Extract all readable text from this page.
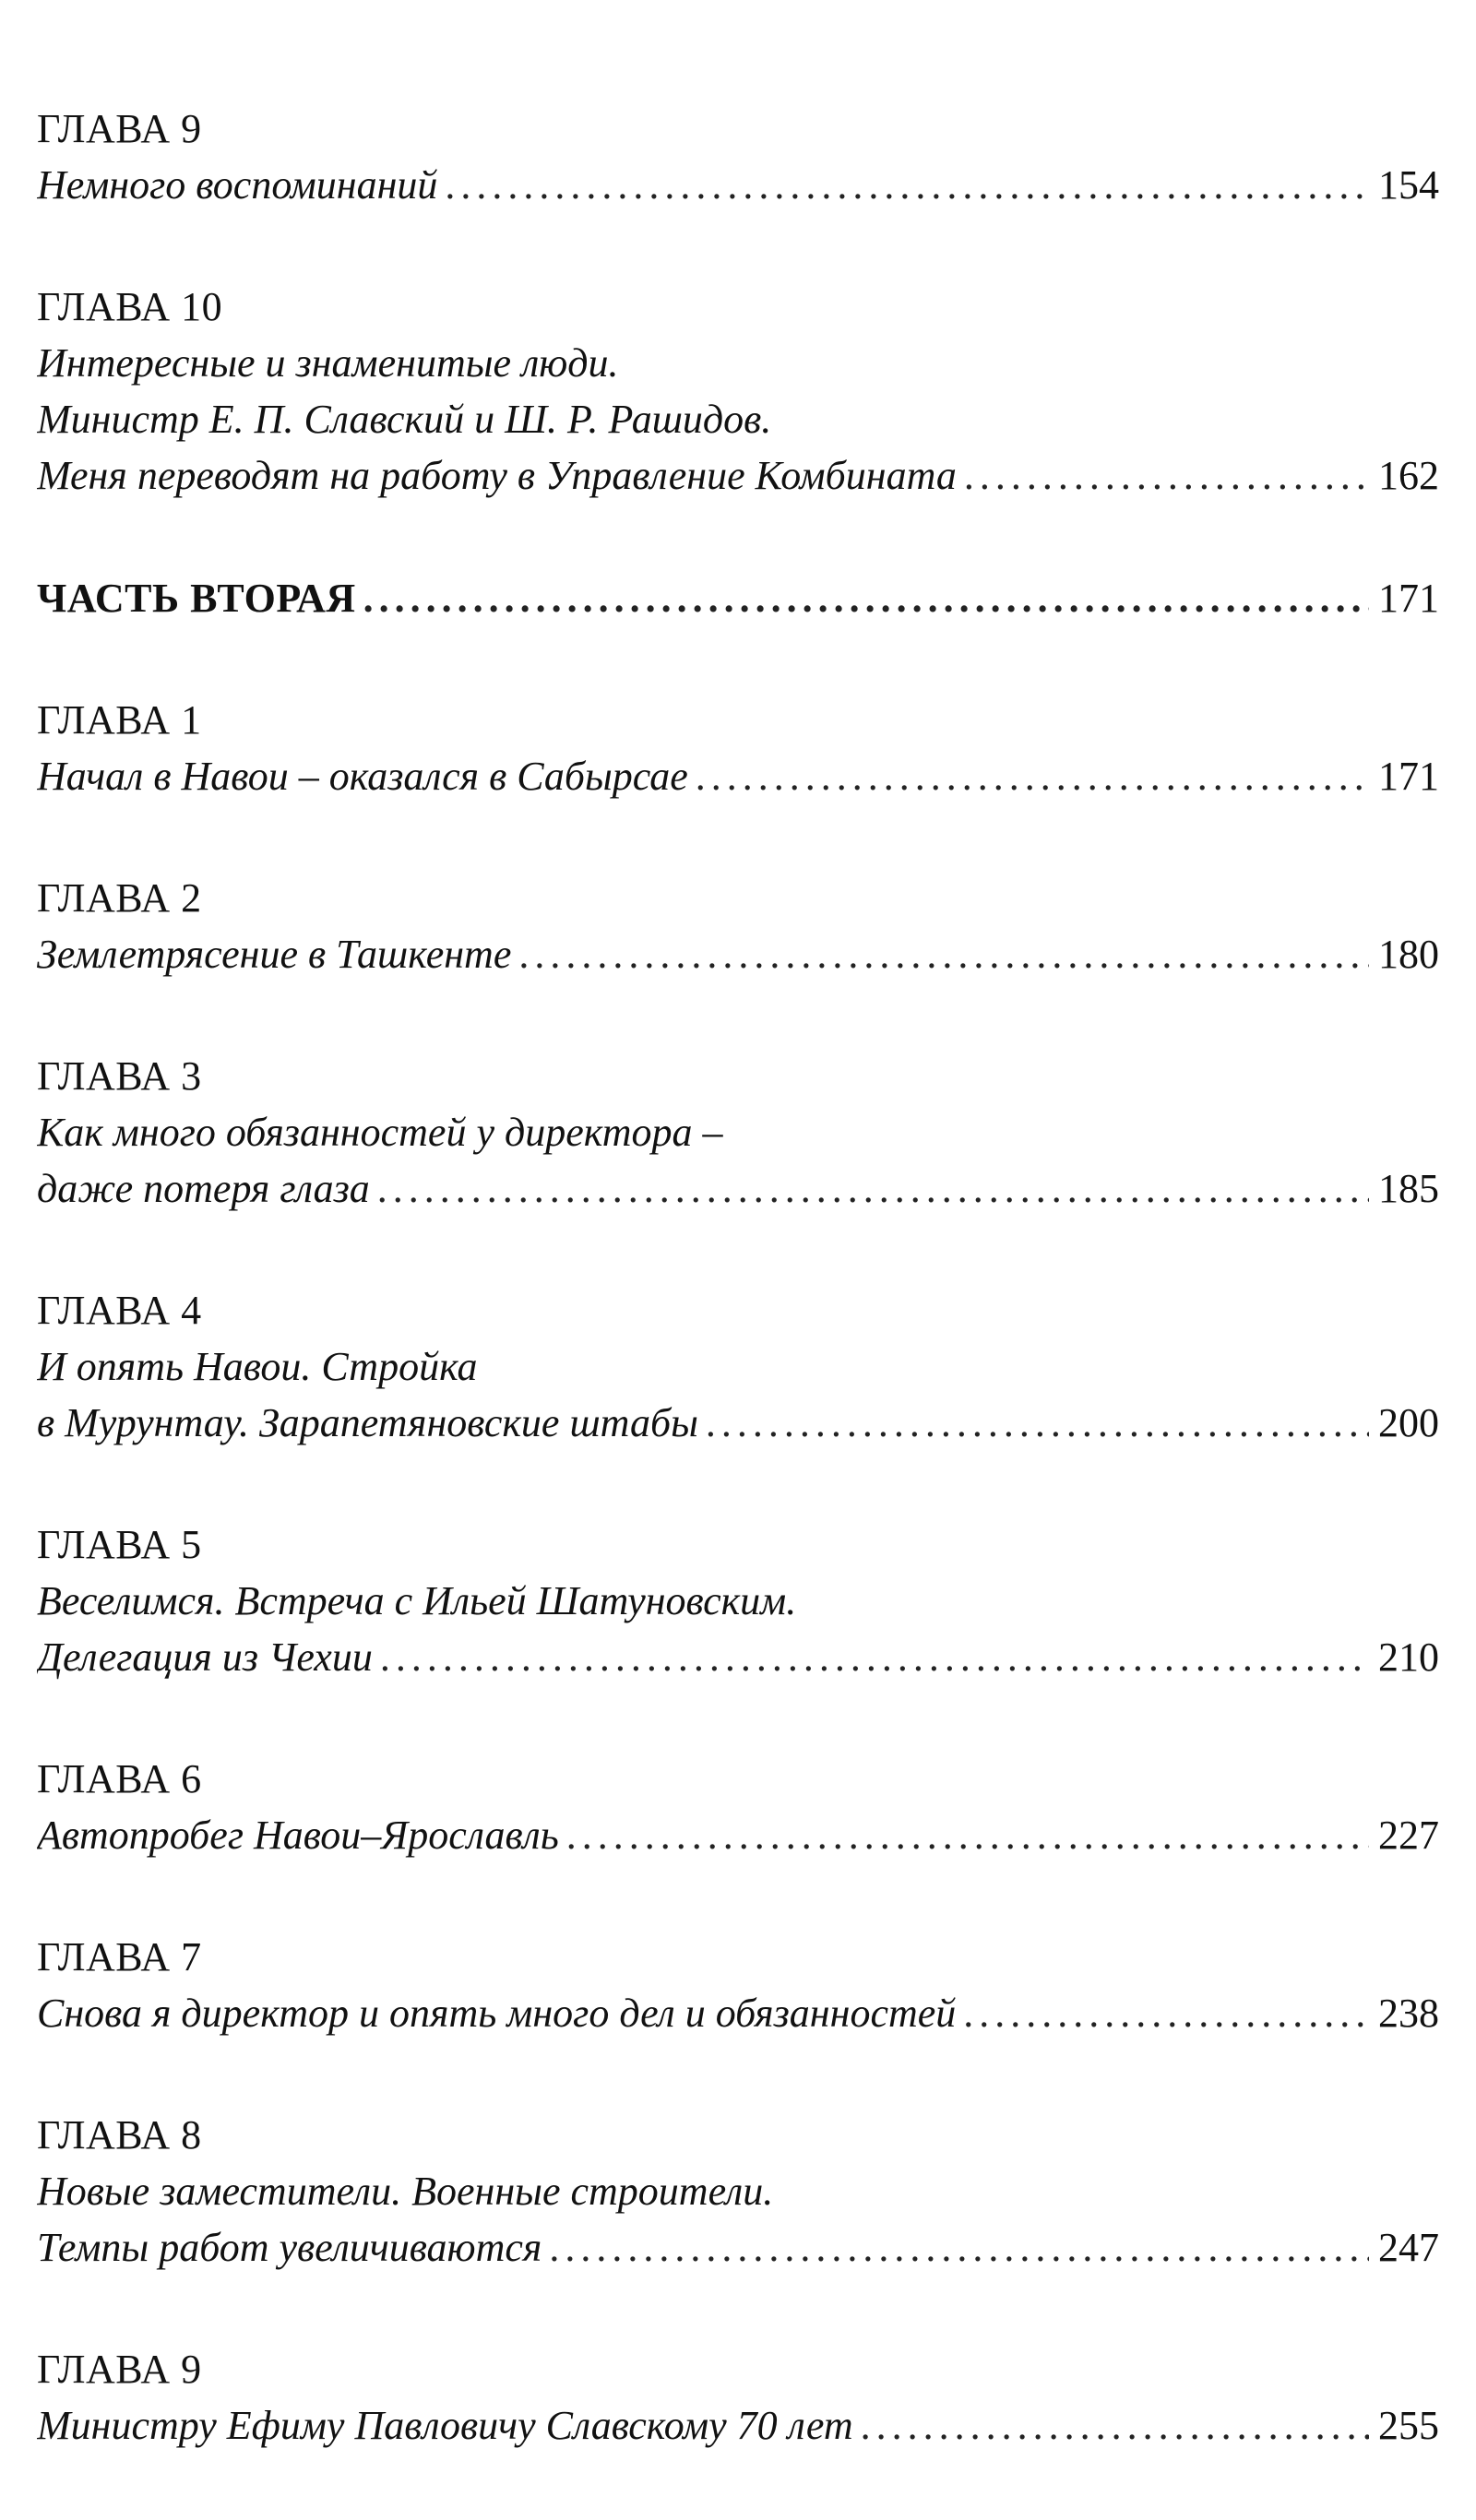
ГЛАВА 9
Немного воспоминаний .....	154
ГЛАВА 10
Интересные и знаменитые люди.
Министр Е. П. Славский и Ш. Р. Рашидов.
Меня переводят на работу в Управление Комбината .....	162
ЧАСТЬ ВТОРАЯ .....	171
ГЛАВА 1
Начал в Навои – оказался в Сабырсае .....	171
ГЛАВА 2
Землетрясение в Ташкенте .....	180
ГЛАВА 3
Как много обязанностей у директора –
даже потеря глаза .....	185
ГЛАВА 4
И опять Навои. Стройка
в Мурунтау. Зарапетяновские штабы .....	200
ГЛАВА 5
Веселимся. Встреча с Ильей Шатуновским.
Делегация из Чехии .....	210
ГЛАВА 6
Автопробег Навои–Ярославль .....	227
ГЛАВА 7
Снова я директор и опять много дел и обязанностей .....	238
ГЛАВА 8
Новые заместители. Военные строители.
Темпы работ увеличиваются .....	247
ГЛАВА 9
Министру Ефиму Павловичу Славскому 70 лет .....	255
